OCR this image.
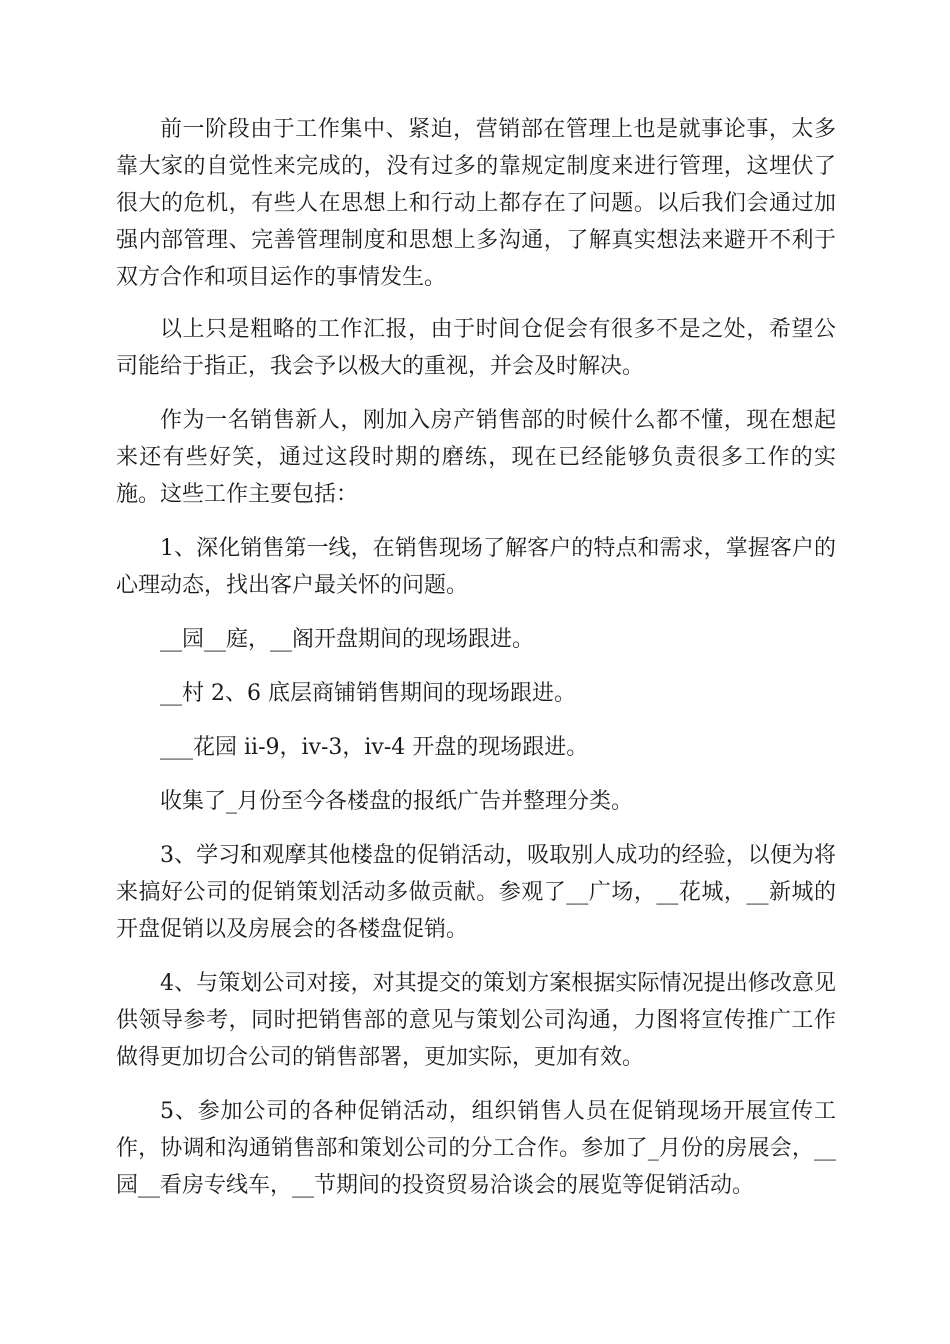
前一阶段由于工作集中、紧迫，营销部在管理上也是就事论事，太多靠大家的自觉性来完成的，没有过多的靠规定制度来进行管理，这埋伏了很大的危机，有些人在思想上和行动上都存在了问题。以后我们会通过加强内部管理、完善管理制度和思想上多沟通，了解真实想法来避开不利于双方合作和项目运作的事情发生。

以上只是粗略的工作汇报，由于时间仓促会有很多不是之处，希望公司能给于指正，我会予以极大的重视，并会及时解决。

作为一名销售新人，刚加入房产销售部的时候什么都不懂，现在想起来还有些好笑，通过这段时期的磨练，现在已经能够负责很多工作的实施。这些工作主要包括：

1、深化销售第一线，在销售现场了解客户的特点和需求，掌握客户的心理动态，找出客户最关怀的问题。

__园__庭，__阁开盘期间的现场跟进。

__村 2、6 底层商铺销售期间的现场跟进。

___花园 ii-9，iv-3，iv-4 开盘的现场跟进。

收集了_月份至今各楼盘的报纸广告并整理分类。

3、学习和观摩其他楼盘的促销活动，吸取别人成功的经验，以便为将来搞好公司的促销策划活动多做贡献。参观了__广场，__花城，__新城的开盘促销以及房展会的各楼盘促销。

4、与策划公司对接，对其提交的策划方案根据实际情况提出修改意见供领导参考，同时把销售部的意见与策划公司沟通，力图将宣传推广工作做得更加切合公司的销售部署，更加实际，更加有效。

5、参加公司的各种促销活动，组织销售人员在促销现场开展宣传工作，协调和沟通销售部和策划公司的分工合作。参加了_月份的房展会，__园__看房专线车，__节期间的投资贸易洽谈会的展览等促销活动。
